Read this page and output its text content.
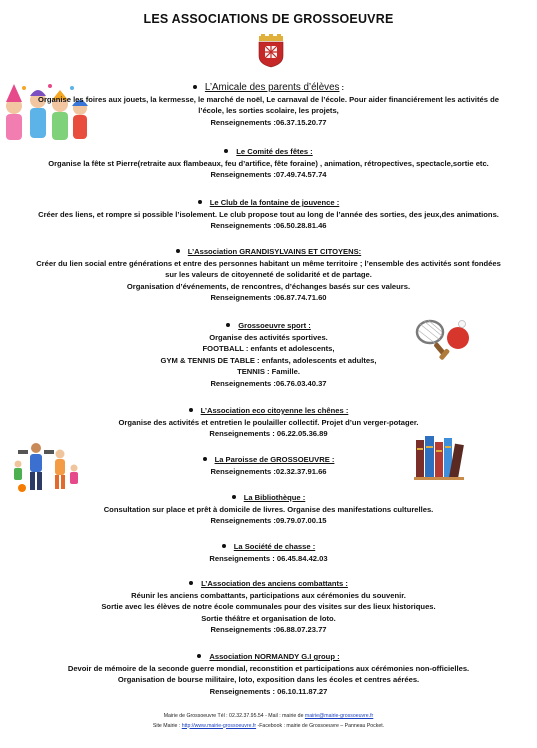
LES ASSOCIATIONS DE GROSSOEUVRE
L’Amicale des parents d’élèves :
Organise les foires aux jouets, la kermesse, le marché de noël, Le carnaval de l’école. Pour aider financiérement les activités de
l’école, les sorties scolaire, les projets,
Renseignements :06.37.15.20.77
Le Comité des fêtes :
Organise la fête st Pierre(retraite aux flambeaux, feu d’artifice, fête foraine) , animation, rétropectives, spectacle,sortie etc.
Renseignements :07.49.74.57.74
Le Club de la fontaine de jouvence :
Créer des liens, et rompre si possible l’isolement. Le club propose tout au long de l’année des sorties, des jeux,des animations.
Renseignements :06.50.28.81.46
L’Association GRANDISYLVAINS ET CITOYENS:
Créer du lien social entre générations et entre des personnes habitant un même territoire ; l’ensemble des activités sont fondées
sur les valeurs de citoyenneté de solidarité et de partage.
Organisation d’événements, de rencontres, d’échanges basés sur ces valeurs.
Renseignements :06.87.74.71.60
Grossoeuvre sport :
Organise des activités sportives.
FOOTBALL : enfants et adolescents,
GYM & TENNIS DE TABLE : enfants, adolescents et adultes,
TENNIS : Famille.
Renseignements :06.76.03.40.37
L’Association eco citoyenne les chênes :
Organise des activités et entretien le poulailler collectif. Projet d’un verger-potager.
Renseignements : 06.22.05.36.89
La Paroisse de GROSSOEUVRE :
Renseignements :02.32.37.91.66
La Bibliothèque :
Consultation sur place et prêt à domicile de livres. Organise des manifestations culturelles.
Renseignements :09.79.07.00.15
La Société de chasse :
Renseignements : 06.45.84.42.03
L’Association des anciens combattants :
Réunir les anciens combattants, participations aux cérémonies du souvenir.
Sortie avec les élèves de notre école communales pour des visites sur des lieux historiques.
Sortie théâtre et organisation de loto.
Renseignements :06.88.07.23.77
Association NORMANDY G.I group :
Devoir de mémoire de la seconde guerre mondial, reconstition et participations aux cérémonies non-officielles.
Organisation de bourse militaire, loto, exposition dans les écoles et centres aérées.
Renseignements : 06.10.11.87.27
Mairie de Grossoeuvre Tél : 02.32.37.95.54 - Mail : mairie de mairie@mairie-grossoeuvre.fr
Site Mairie : http://www.mairie-grossoeuvre.fr -Facebook : mairie de Grossoeuvre – Panneau Pocket.
